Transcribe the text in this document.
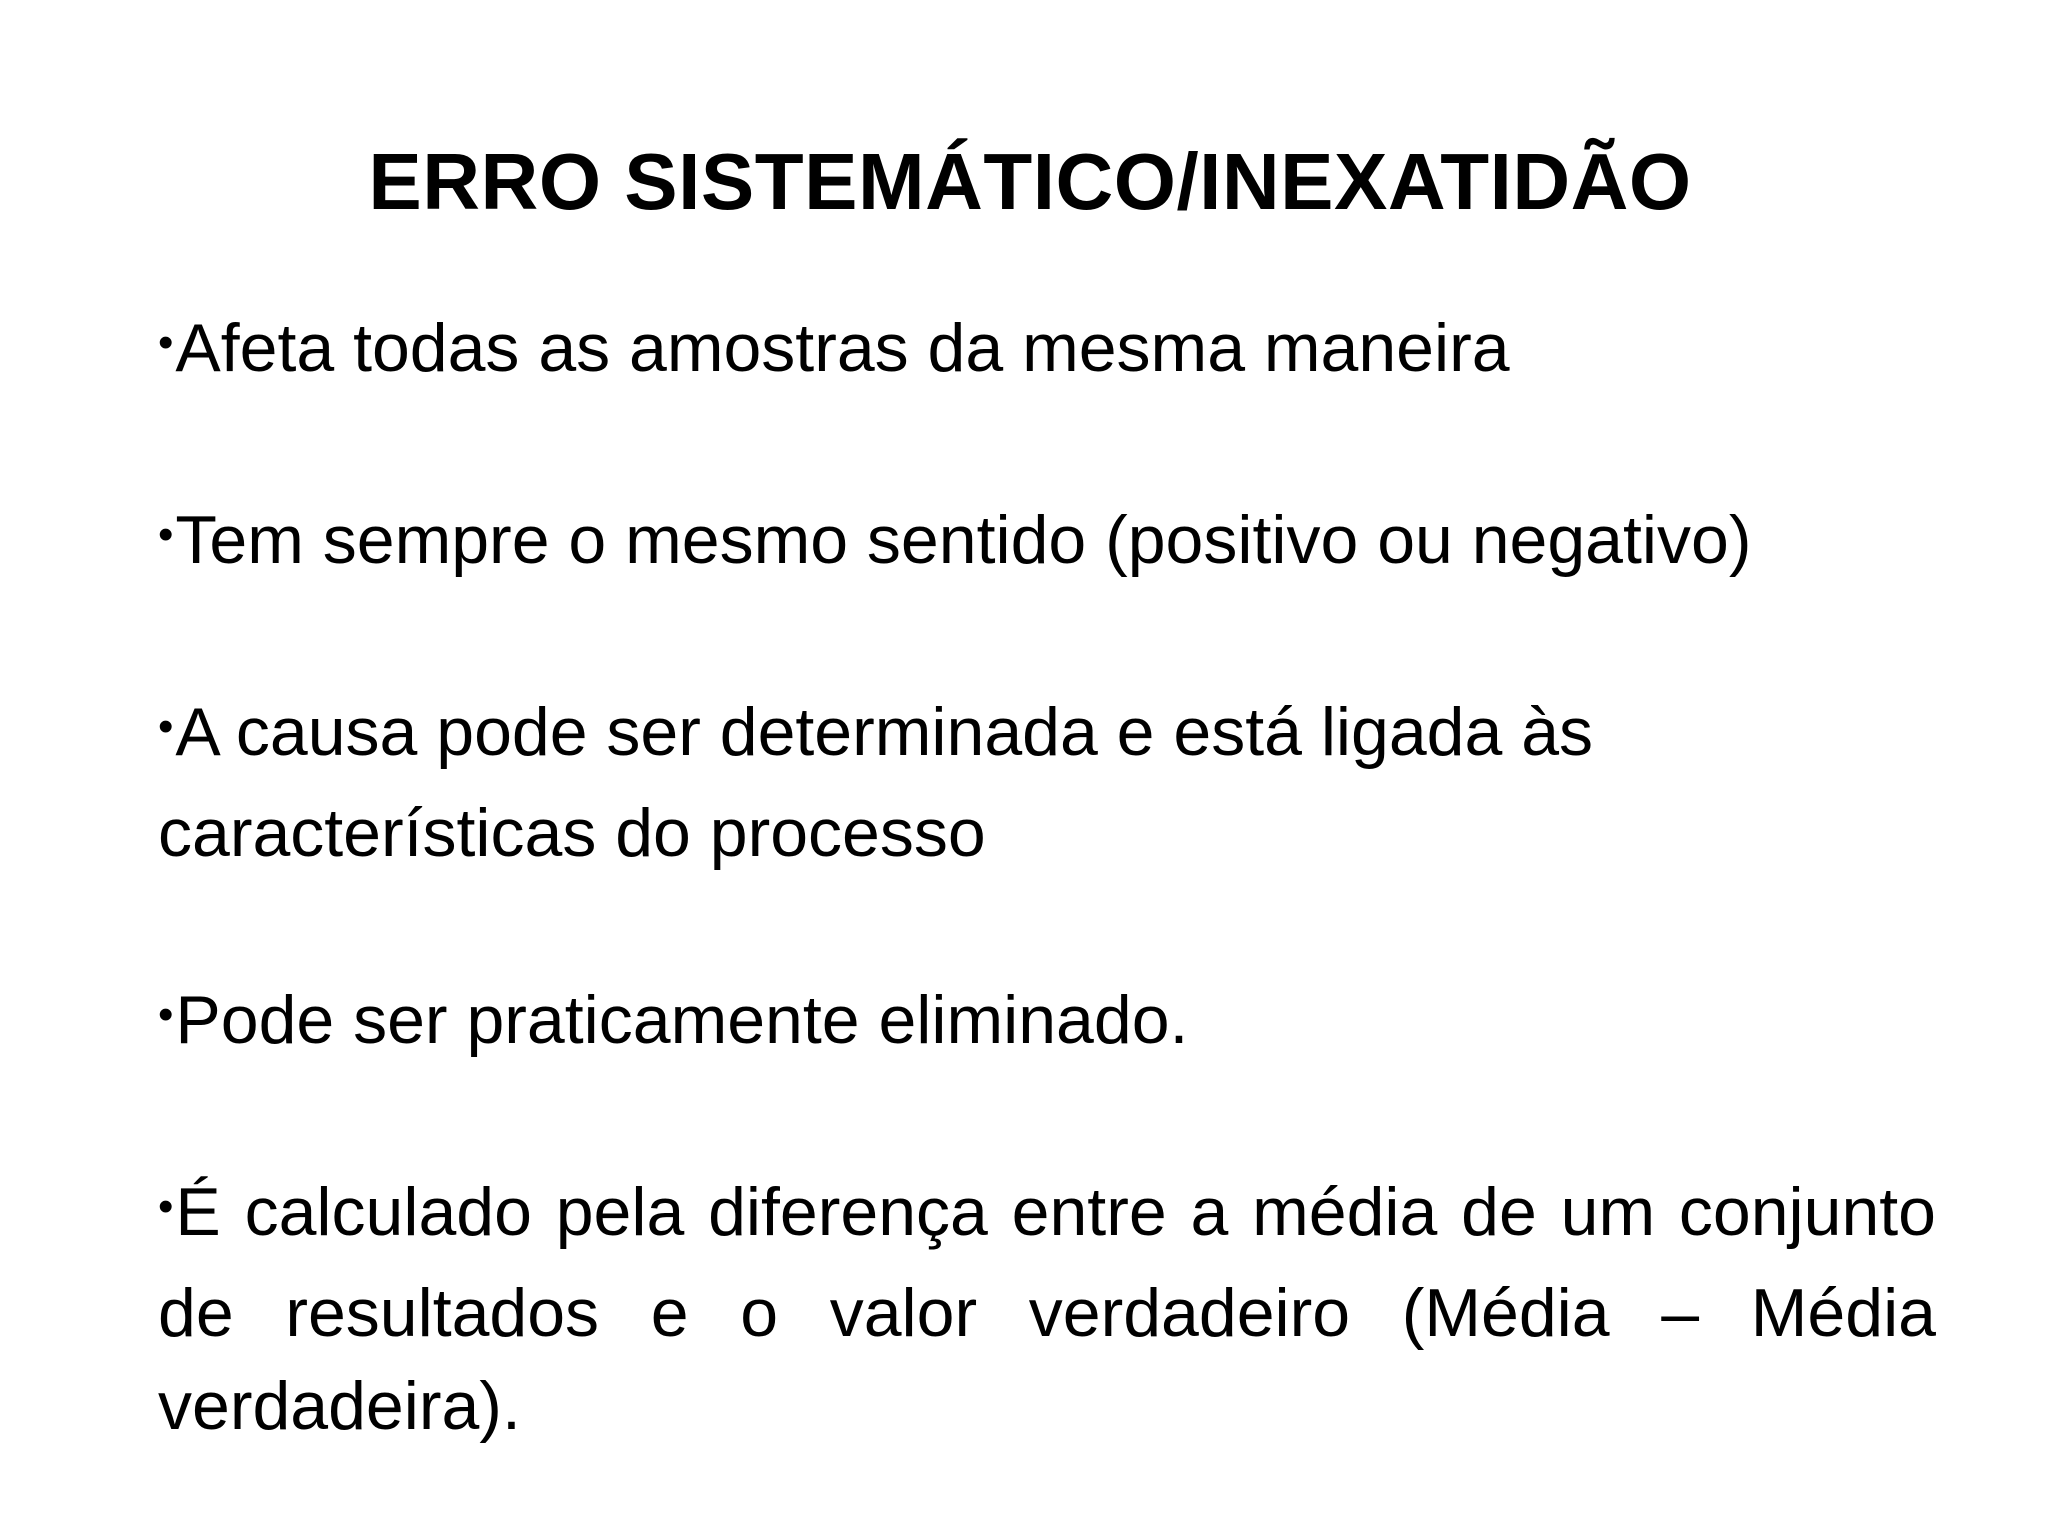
ERRO SISTEMÁTICO/INEXATIDÃO

•Afeta todas as amostras da mesma maneira

•Tem sempre o mesmo sentido (positivo ou negativo)

•A causa pode ser determinada e está ligada às características do processo

•Pode ser praticamente eliminado.

•É calculado pela diferença entre a média de um conjunto de resultados e o valor verdadeiro (Média – Média verdadeira).
